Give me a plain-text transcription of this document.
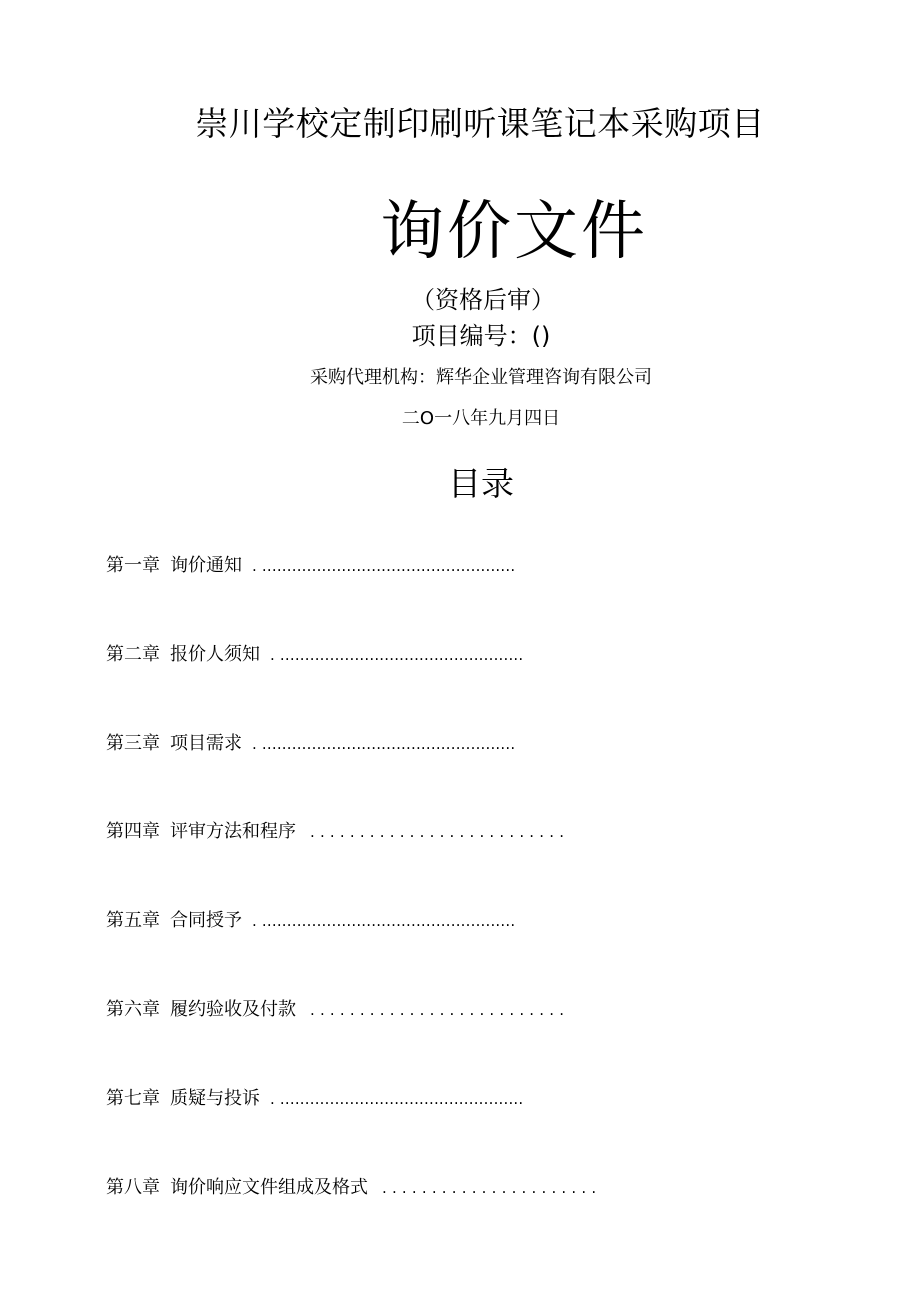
崇川学校定制印刷听课笔记本采购项目
询价文件
（资格后审）
项目编号：()
采购代理机构：辉华企业管理咨询有限公司
二O一八年九月四日
目录
第一章 询价通知 . ...................................................
第二章 报价人须知 . .................................................
第三章 项目需求 . ...................................................
第四章 评审方法和程序 ..........................
第五章 合同授予 . ...................................................
第六章 履约验收及付款 ..........................
第七章 质疑与投诉 . .................................................
第八章 询价响应文件组成及格式 ......................
